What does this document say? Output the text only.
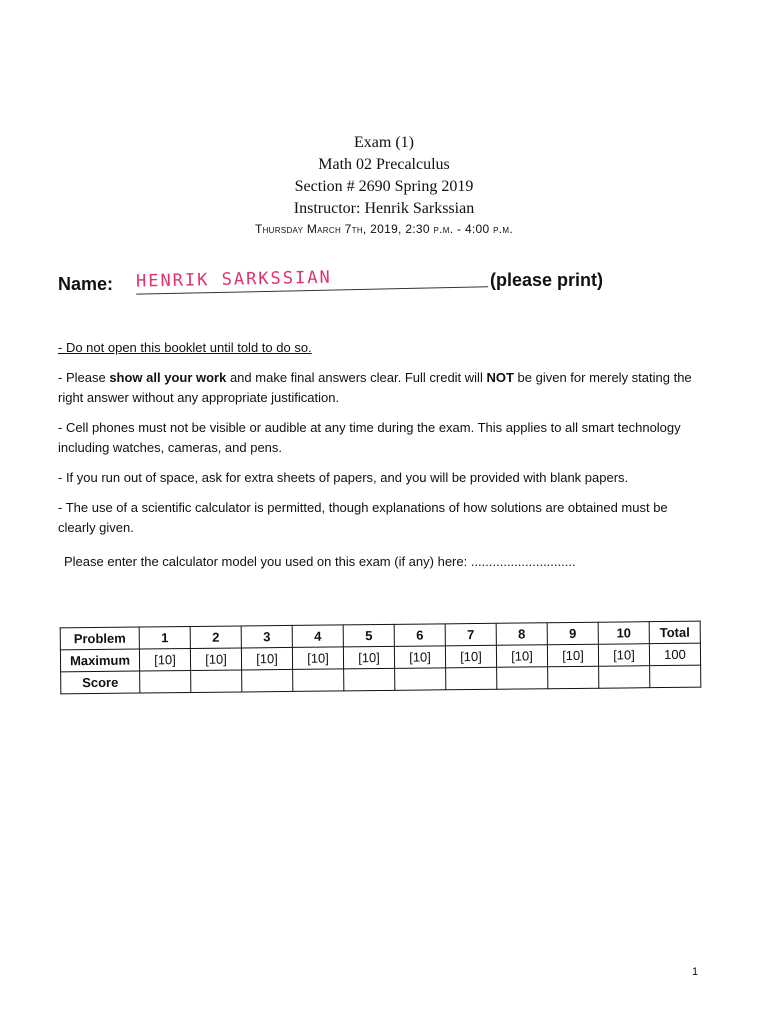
Exam (1)
Math 02 Precalculus
Section # 2690 Spring 2019
Instructor: Henrik Sarkssian
Thursday March 7th, 2019, 2:30 p.m. - 4:00 p.m.
Name: HENRIK SARKSSIAN	(please print)

- Do not open this booklet until told to do so.

- Please show all your work and make final answers clear. Full credit will NOT be given for merely stating the right answer without any appropriate justification.

- Cell phones must not be visible or audible at any time during the exam. This applies to all smart technology including watches, cameras, and pens.

- If you run out of space, ask for extra sheets of papers, and you will be provided with blank papers.

- The use of a scientific calculator is permitted, though explanations of how solutions are obtained must be clearly given.

Please enter the calculator model you used on this exam (if any) here: .............................

Problem	1	2	3	4	5	6	7	8	9	10	Total
Maximum	[10]	[10]	[10]	[10]	[10]	[10]	[10]	[10]	[10]	[10]	100
Score											
1
